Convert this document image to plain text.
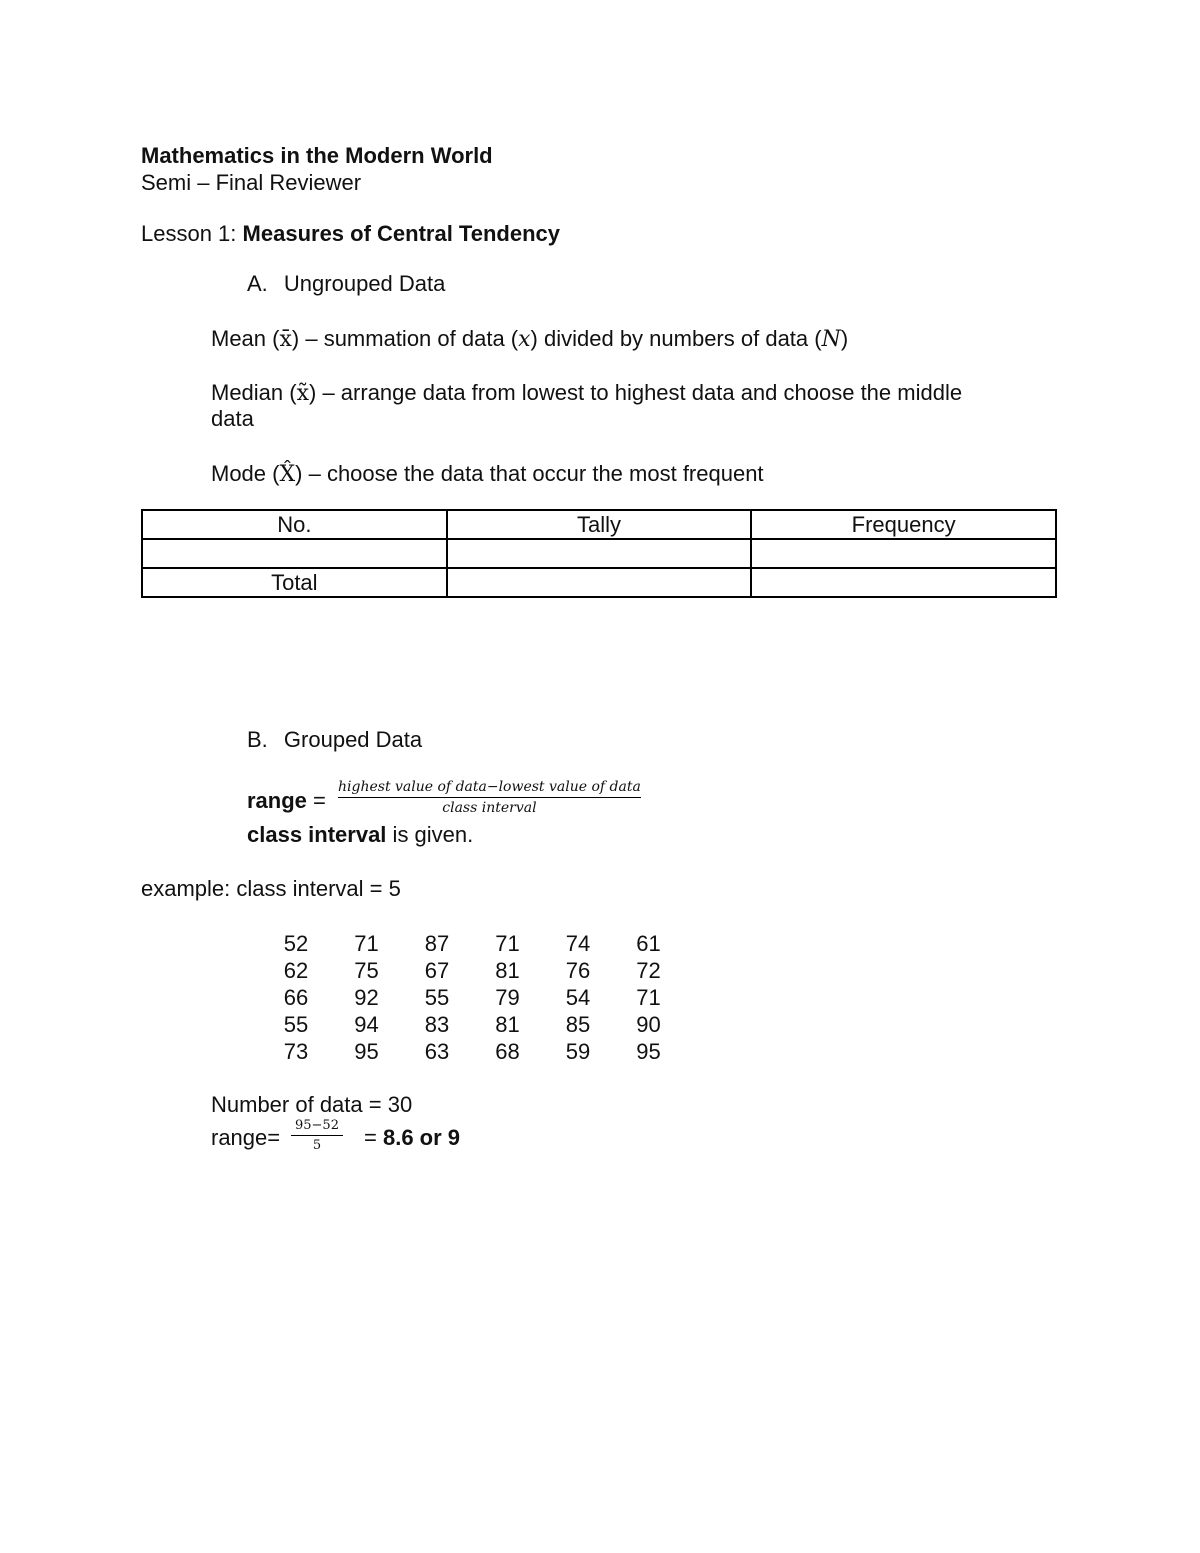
Mathematics in the Modern World
Semi – Final Reviewer
Lesson 1: Measures of Central Tendency
A. Ungrouped Data
Mean (x̄) – summation of data (x) divided by numbers of data (N)
Median (x̃) – arrange data from lowest to highest data and choose the middle
data
Mode (X̂) – choose the data that occur the most frequent
No.	Tally	Frequency

Total		
B. Grouped Data
range =
highest value of data−lowest value of data
class interval
class interval is given.
example: class interval = 5
52	71	87	71	74	61
62	75	67	81	76	72
66	92	55	79	54	71
55	94	83	81	85	90
73	95	63	68	59	95
Number of data = 30
range=	95−52
5	= 8.6 or 9
